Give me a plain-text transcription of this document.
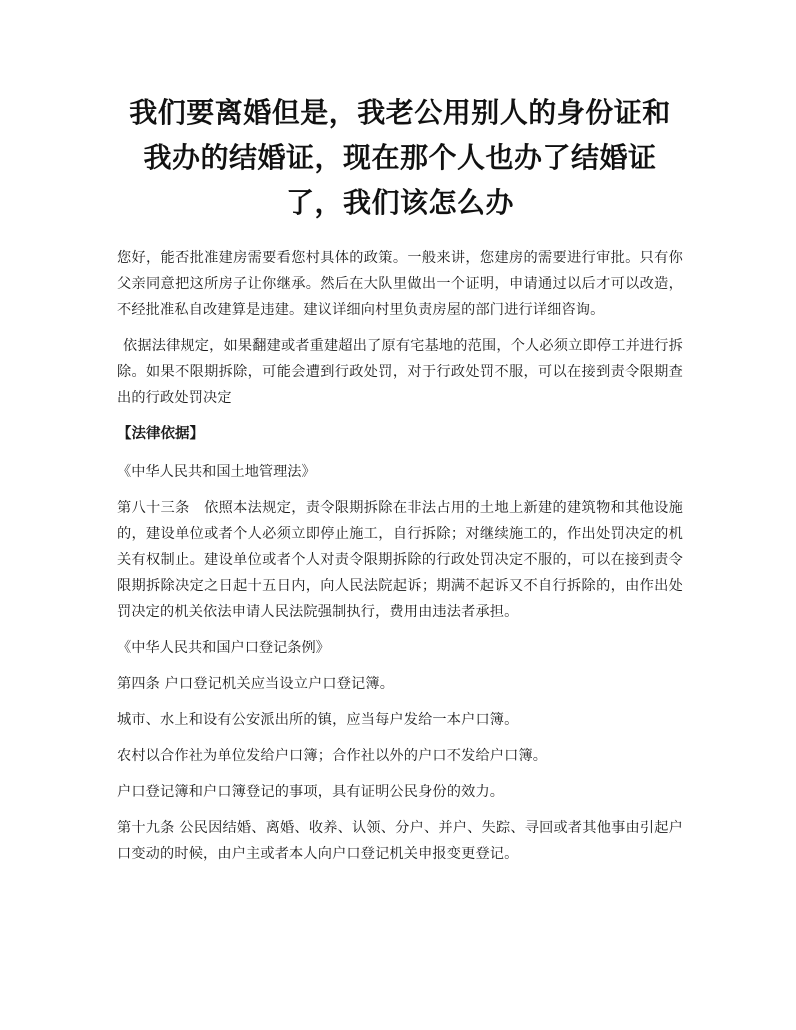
我们要离婚但是，我老公用别人的身份证和我办的结婚证，现在那个人也办了结婚证了，我们该怎么办

您好，能否批准建房需要看您村具体的政策。一般来讲，您建房的需要进行审批。只有你父亲同意把这所房子让你继承。然后在大队里做出一个证明，申请通过以后才可以改造，不经批准私自改建算是违建。建议详细向村里负责房屋的部门进行详细咨询。

依据法律规定，如果翻建或者重建超出了原有宅基地的范围，个人必须立即停工并进行拆除。如果不限期拆除，可能会遭到行政处罚，对于行政处罚不服，可以在接到责令限期查出的行政处罚决定

【法律依据】

《中华人民共和国土地管理法》

第八十三条　依照本法规定，责令限期拆除在非法占用的土地上新建的建筑物和其他设施的，建设单位或者个人必须立即停止施工，自行拆除；对继续施工的，作出处罚决定的机关有权制止。建设单位或者个人对责令限期拆除的行政处罚决定不服的，可以在接到责令限期拆除决定之日起十五日内，向人民法院起诉；期满不起诉又不自行拆除的，由作出处罚决定的机关依法申请人民法院强制执行，费用由违法者承担。

《中华人民共和国户口登记条例》

第四条 户口登记机关应当设立户口登记簿。

城市、水上和设有公安派出所的镇，应当每户发给一本户口簿。

农村以合作社为单位发给户口簿；合作社以外的户口不发给户口簿。

户口登记簿和户口簿登记的事项，具有证明公民身份的效力。

第十九条 公民因结婚、离婚、收养、认领、分户、并户、失踪、寻回或者其他事由引起户口变动的时候，由户主或者本人向户口登记机关申报变更登记。
